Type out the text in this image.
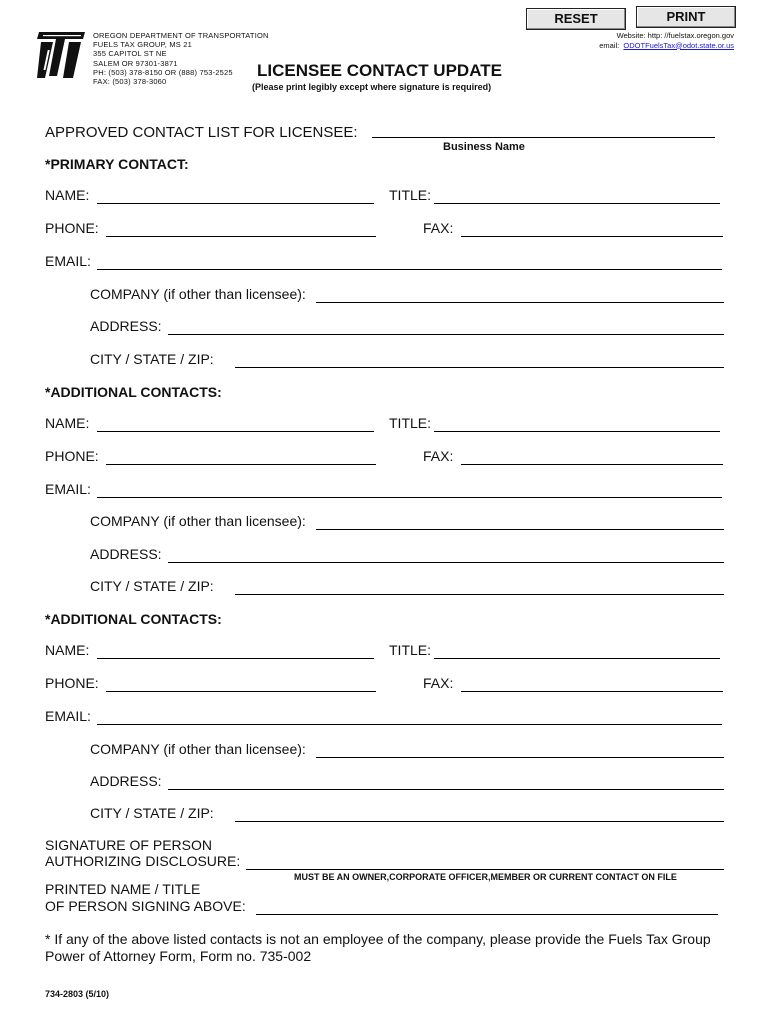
RESET	PRINT
OREGON DEPARTMENT OF TRANSPORTATION
FUELS TAX GROUP, MS 21
355 CAPITOL ST NE
SALEM OR 97301-3871
PH: (503) 378-8150 OR (888) 753-2525
FAX: (503) 378-3060
Website: http: //fuelstax.oregon.gov
email: ODOTFuelsTax@odot.state.or.us
LICENSEE CONTACT UPDATE
(Please print legibly except where signature is required)
APPROVED CONTACT LIST FOR LICENSEE:
Business Name
*PRIMARY CONTACT:
NAME:	TITLE:
PHONE:	FAX:
EMAIL:
COMPANY (if other than licensee):
ADDRESS:
CITY / STATE / ZIP:
*ADDITIONAL CONTACTS:
NAME:	TITLE:
PHONE:	FAX:
EMAIL:
COMPANY (if other than licensee):
ADDRESS:
CITY / STATE / ZIP:
*ADDITIONAL CONTACTS:
NAME:	TITLE:
PHONE:	FAX:
EMAIL:
COMPANY (if other than licensee):
ADDRESS:
CITY / STATE / ZIP:
SIGNATURE OF PERSON
AUTHORIZING DISCLOSURE:
MUST BE AN OWNER,CORPORATE OFFICER,MEMBER OR CURRENT CONTACT ON FILE
PRINTED NAME / TITLE
OF PERSON SIGNING ABOVE:
* If any of the above listed contacts is not an employee of the company, please provide the Fuels Tax Group
Power of Attorney Form, Form no. 735-002
734-2803 (5/10)
